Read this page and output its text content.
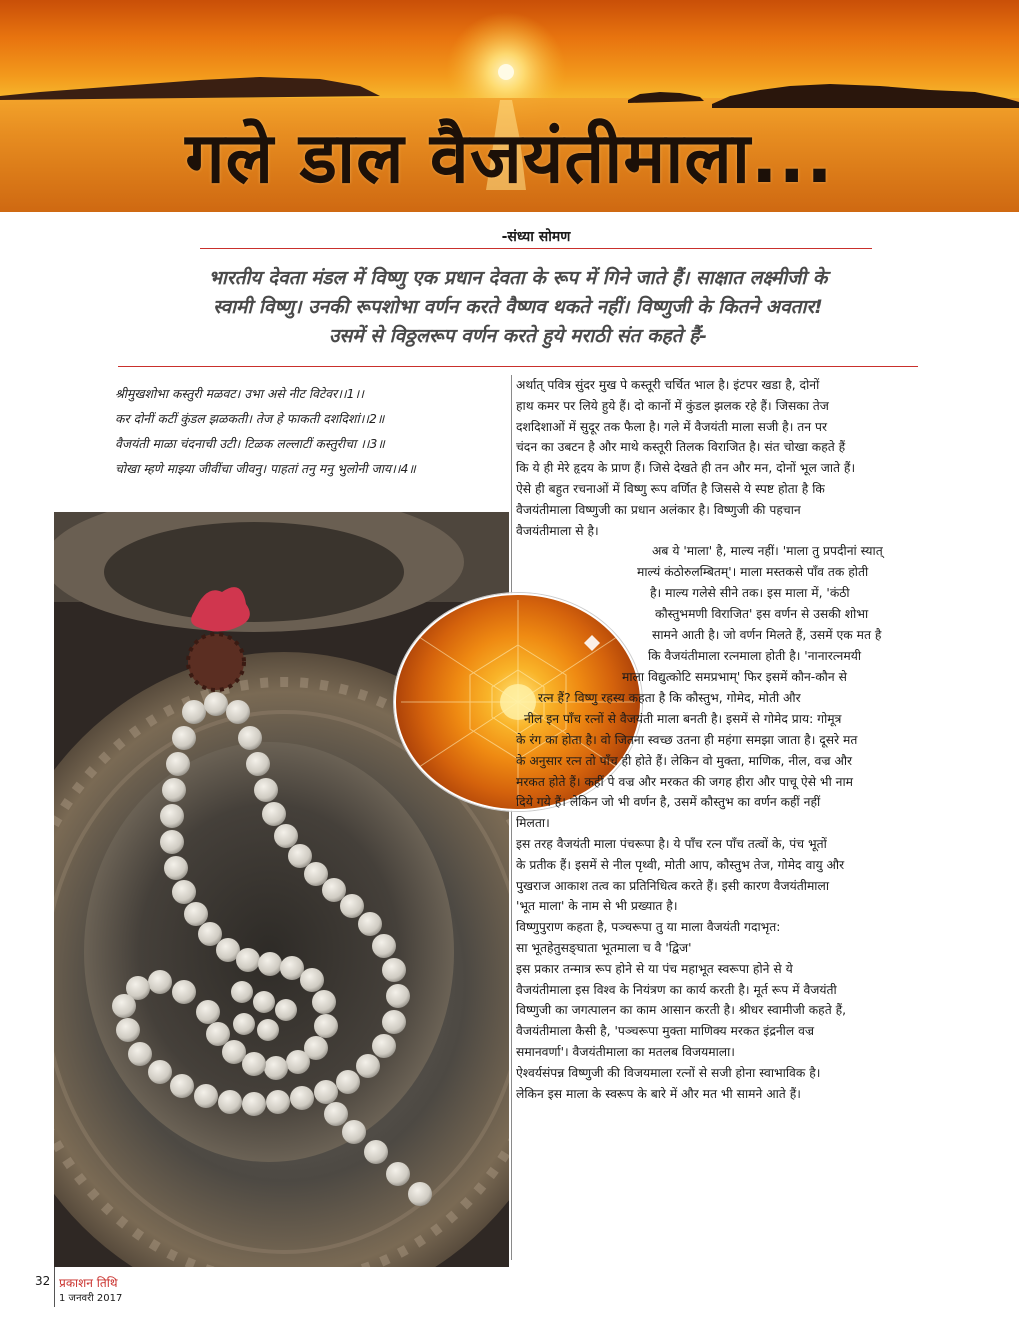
गले डाल वैजयंतीमाला...
-संध्या सोमण
भारतीय देवता मंडल में विष्णु एक प्रधान देवता के रूप में गिने जाते हैं। साक्षात लक्ष्मीजी के
स्वामी विष्णु। उनकी रूपशोभा वर्णन करते वैष्णव थकते नहीं। विष्णुजी के कितने अवतार!
उसमें से विठ्ठलरूप वर्णन करते हुये मराठी संत कहते हैं-
श्रीमुखशोभा कस्तुरी मळवट। उभा असे नीट विटेवर।।1।।
कर दोनीं कटीं कुंडल झळकती। तेज हे फाकती दशदिशां।।2॥
वैजयंती माळा चंदनाची उटी। टिळक लल्लाटीं कस्तुरीचा ।।3॥
चोखा म्हणे माझ्या जीवींचा जीवनु। पाहतां तनु मनु भुलोनी जाय।।4॥
अर्थात् पवित्र सुंदर मुख पे कस्तूरी चर्चित भाल है। इंटपर खडा है, दोनों
हाथ कमर पर लिये हुये हैं। दो कानों में कुंडल झलक रहे हैं। जिसका तेज
दशदिशाओं में सुदूर तक फैला है। गले में वैजयंती माला सजी है। तन पर
चंदन का उबटन है और माथे कस्तूरी तिलक विराजित है। संत चोखा कहते हैं
कि ये ही मेरे हृदय के प्राण हैं। जिसे देखते ही तन और मन, दोनों भूल जाते हैं।
ऐसे ही बहुत रचनाओं में विष्णु रूप वर्णित है जिससे ये स्पष्ट होता है कि
वैजयंतीमाला विष्णुजी का प्रधान अलंकार है। विष्णुजी की पहचान
वैजयंतीमाला से है।
अब ये 'माला' है, माल्य नहीं। 'माला तु प्रपदीनां स्यात्
माल्यं कंठोरुलम्बितम्'। माला मस्तकसे पाँव तक होती
है। माल्य गलेसे सीने तक। इस माला में, 'कंठी
कौस्तुभमणी विराजित' इस वर्णन से उसकी शोभा
सामने आती है। जो वर्णन मिलते हैं, उसमें एक मत है
कि वैजयंतीमाला रत्नमाला होती है। 'नानारत्नमयी
माला विद्युत्कोटि समप्रभाम्' फिर इसमें कौन-कौन से
रत्न हैं? विष्णु रहस्य कहता है कि कौस्तुभ, गोमेद, मोती और
नील इन पाँच रत्नों से वैजयंती माला बनती है। इसमें से गोमेद प्राय: गोमूत्र
के रंग का होता है। वो जितना स्वच्छ उतना ही महंगा समझा जाता है। दूसरे मत
के अनुसार रत्न तो पाँच ही होते हैं। लेकिन वो मुक्ता, माणिक, नील, वज्र और
मरकत होते हैं। कहीं पे वज्र और मरकत की जगह हीरा और पाचू ऐसे भी नाम
दिये गये हैं। लेकिन जो भी वर्णन है, उसमें कौस्तुभ का वर्णन कहीं नहीं
मिलता।
इस तरह वैजयंती माला पंचरूपा है। ये पाँच रत्न पाँच तत्वों के, पंच भूतों
के प्रतीक हैं। इसमें से नील पृथ्वी, मोती आप, कौस्तुभ तेज, गोमेद वायु और
पुखराज आकाश तत्व का प्रतिनिधित्व करते हैं। इसी कारण वैजयंतीमाला
'भूत माला' के नाम से भी प्रख्यात है।
विष्णुपुराण कहता है, पञ्चरूपा तु या माला वैजयंती गदाभृत:
सा भूतहेतुसङ्‌घाता भूतमाला च वै 'द्विज'
इस प्रकार तन्मात्र रूप होने से या पंच महाभूत स्वरूपा होने से ये
वैजयंतीमाला इस विश्व के नियंत्रण का कार्य करती है। मूर्त रूप में वैजयंती
विष्णुजी का जगत्पालन का काम आसान करती है। श्रीधर स्वामीजी कहते हैं,
वैजयंतीमाला कैसी है, 'पञ्चरूपा मुक्ता माणिक्य मरकत इंद्रनील वज्र
समानवर्णा'। वैजयंतीमाला का मतलब विजयमाला।
ऐश्वर्यसंपन्न विष्णुजी की विजयमाला रत्नों से सजी होना स्वाभाविक है।
लेकिन इस माला के स्वरूप के बारे में और मत भी सामने आते हैं।
32 प्रकाशन तिथि
1 जनवरी 2017
